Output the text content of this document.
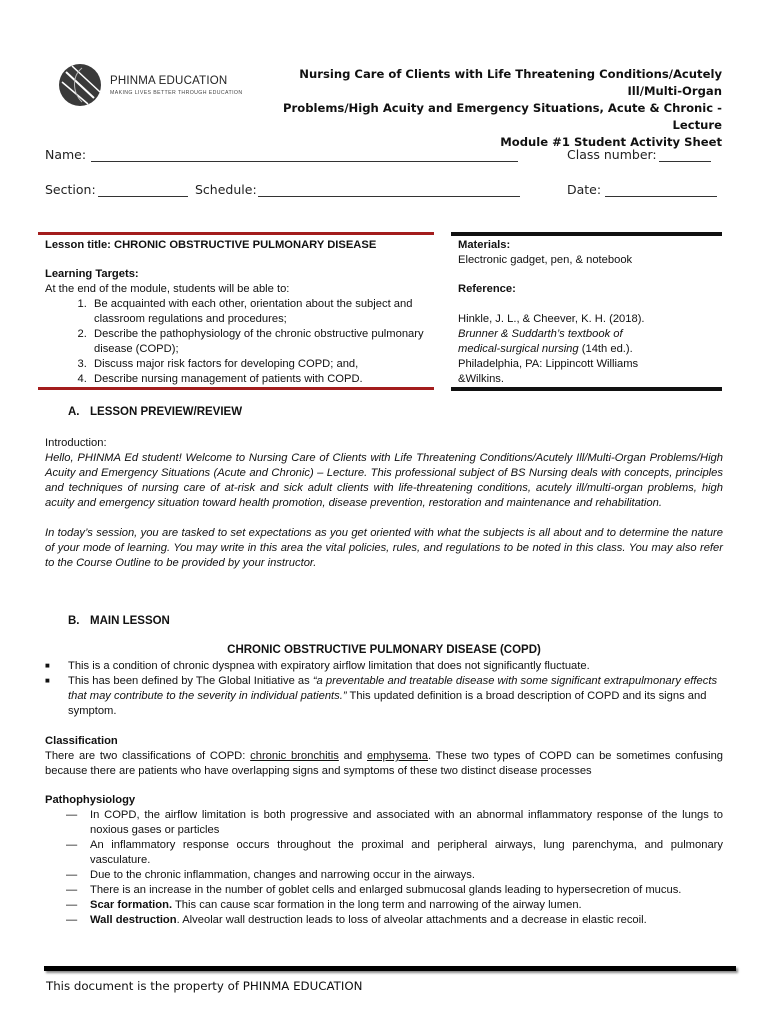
PHINMA EDUCATION
MAKING LIVES BETTER THROUGH EDUCATION
Nursing Care of Clients with Life Threatening Conditions/Acutely Ill/Multi-Organ
Problems/High Acuity and Emergency Situations, Acute & Chronic - Lecture
Module #1 Student Activity Sheet
Name:	Class number:
Section:	Schedule:	Date:
Lesson title: CHRONIC OBSTRUCTIVE PULMONARY DISEASE
Learning Targets:
At the end of the module, students will be able to:
1. Be acquainted with each other, orientation about the subject and classroom regulations and procedures;
2. Describe the pathophysiology of the chronic obstructive pulmonary disease (COPD);
3. Discuss major risk factors for developing COPD; and,
4. Describe nursing management of patients with COPD.
Materials:
Electronic gadget, pen, & notebook
Reference:
Hinkle, J. L., & Cheever, K. H. (2018).
Brunner & Suddarth’s textbook of medical-surgical nursing (14th ed.).
Philadelphia, PA: Lippincott Williams &Wilkins.
A. LESSON PREVIEW/REVIEW
Introduction:
Hello, PHINMA Ed student! Welcome to Nursing Care of Clients with Life Threatening Conditions/Acutely Ill/Multi-Organ Problems/High Acuity and Emergency Situations (Acute and Chronic) – Lecture. This professional subject of BS Nursing deals with concepts, principles and techniques of nursing care of at-risk and sick adult clients with life-threatening conditions, acutely ill/multi-organ problems, high acuity and emergency situation toward health promotion, disease prevention, restoration and maintenance and rehabilitation.
In today’s session, you are tasked to set expectations as you get oriented with what the subjects is all about and to determine the nature of your mode of learning. You may write in this area the vital policies, rules, and regulations to be noted in this class. You may also refer to the Course Outline to be provided by your instructor.
B. MAIN LESSON
CHRONIC OBSTRUCTIVE PULMONARY DISEASE (COPD)
■ This is a condition of chronic dyspnea with expiratory airflow limitation that does not significantly fluctuate.
■ This has been defined by The Global Initiative as “a preventable and treatable disease with some significant extrapulmonary effects that may contribute to the severity in individual patients.” This updated definition is a broad description of COPD and its signs and symptom.
Classification
There are two classifications of COPD: chronic bronchitis and emphysema. These two types of COPD can be sometimes confusing because there are patients who have overlapping signs and symptoms of these two distinct disease processes
Pathophysiology
— In COPD, the airflow limitation is both progressive and associated with an abnormal inflammatory response of the lungs to noxious gases or particles
— An inflammatory response occurs throughout the proximal and peripheral airways, lung parenchyma, and pulmonary vasculature.
— Due to the chronic inflammation, changes and narrowing occur in the airways.
— There is an increase in the number of goblet cells and enlarged submucosal glands leading to hypersecretion of mucus.
— Scar formation. This can cause scar formation in the long term and narrowing of the airway lumen.
— Wall destruction. Alveolar wall destruction leads to loss of alveolar attachments and a decrease in elastic recoil.
This document is the property of PHINMA EDUCATION
